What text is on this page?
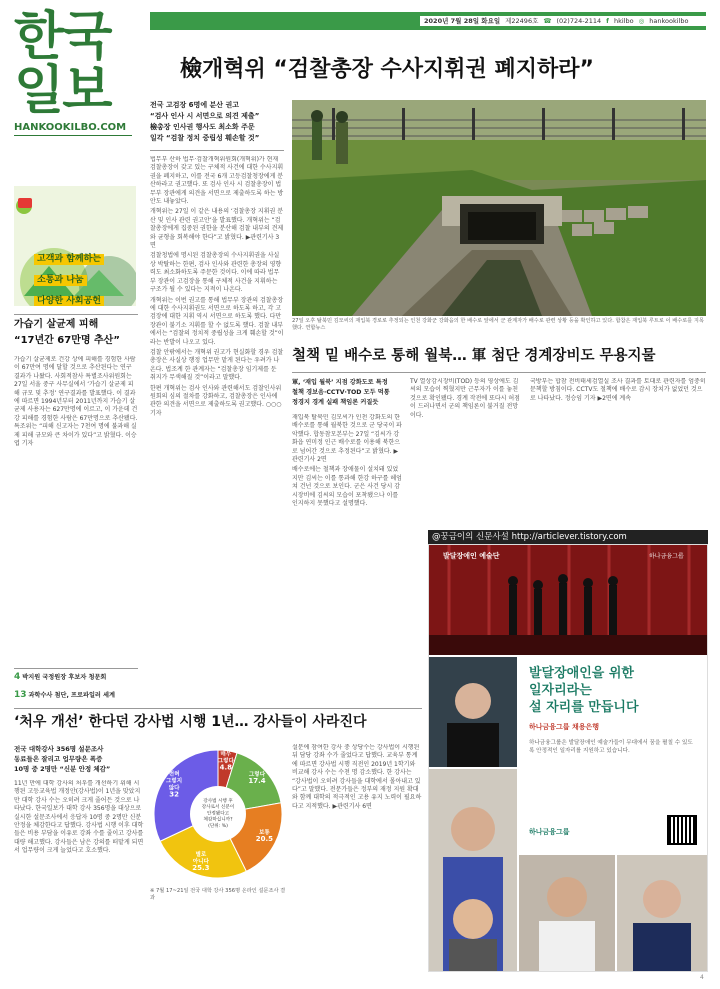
한국
일보
HANKOOKILBO.COM
고객과 함께하는
소통과 나눔
다양한 사회공헌
2020년 7월 28일 화요일 제22496호 ☎ (02)724-2114 f hkilbo ◎ hankookilbo
檢개혁위 “검찰총장 수사지휘권 폐지하라”
전국 고검장 6명에 분산 권고
“검사 인사 시 서면으로 의견 제출”
檢총장 인사권 행사도 최소화 주문
일각 “검찰 정치 중립성 훼손할 것”

법무부 산하 법무·검찰개혁위원회(개혁위)가 현재 검찰총장이 갖고 있는 구체적 사건에 대한 수사지휘권을 폐지하고, 이를 전국 6개 고등검찰청장에게 분산하라고 권고했다. 또 검사 인사 시 검찰총장이 법무부 장관에게 의견을 서면으로 제출하도록 하는 방안도 내놓았다.

개혁위는 27일 이 같은 내용의 ‘검찰총장 지휘권 분산 및 인사 관련 권고안’을 발표했다. 개혁위는 “검찰총장에게 집중된 권한을 분산해 검찰 내부의 견제와 균형을 회복해야 한다”고 밝혔다. ▶관련기사 3면

검찰청법에 명시된 검찰총장의 수사지휘권을 사실상 박탈하는 한편, 검사 인사와 관련한 총장의 영향력도 최소화하도록 주문한 것이다. 이에 따라 법무부 장관이 고검장을 통해 구체적 사건을 지휘하는 구조가 될 수 있다는 지적이 나온다.

개혁위는 이번 권고를 통해 법무부 장관의 검찰총장에 대한 수사지휘권도 서면으로 하도록 하고, 각 고검장에 대한 지휘 역시 서면으로 하도록 했다. 다만 장관이 불기소 지휘를 할 수 없도록 했다. 검찰 내부에서는 “검찰의 정치적 중립성을 크게 훼손할 것”이라는 반발이 나오고 있다.

검찰 안팎에서는 개혁위 권고가 현실화할 경우 검찰총장은 사실상 행정 업무만 맡게 된다는 우려가 나온다. 법조계 한 관계자는 “검찰총장 임기제를 둔 취지가 무색해질 것”이라고 말했다.

한편 개혁위는 검사 인사와 관련해서도 검찰인사위원회의 심의 절차를 강화하고, 검찰총장은 인사에 관한 의견을 서면으로 제출하도록 권고했다. ○○○ 기자

27일 오후 탈북민 김모씨의 재입북 경로로 추정되는 인천 강화군 강화읍의 한 배수로 앞에서 군 관계자가 배수로 관련 상황 등을 확인하고 있다. 합참은 재입북 루트로 이 배수로를 지목했다. 연합뉴스
철책 밑 배수로 통해 월북… 軍 첨단 경계장비도 무용지물
軍, ‘재입 월북’ 지점 강화도로 특정
철책 경보음·CCTV·TOD 모두 먹통
정경지 경계 실패 책임론 커질듯

재입북 탈북민 김모씨가 인천 강화도의 한 배수로를 통해 월북한 것으로 군 당국이 파악했다. 합동참모본부는 27일 “김씨가 강화읍 연미정 인근 배수로를 이용해 북한으로 넘어간 것으로 추정된다”고 밝혔다. ▶관련기사 2면

배수로에는 철책과 장애물이 설치돼 있었지만 김씨는 이를 통과해 한강 하구를 헤엄쳐 건넌 것으로 보인다. 군은 사건 당시 감시장비에 김씨의 모습이 포착됐으나 이를 인지하지 못했다고 설명했다.

TV 열상감시장비(TOD) 등의 영상에도 김씨의 모습이 찍혔지만 근무자가 이를 놓친 것으로 확인됐다. 경계 작전에 또다시 허점이 드러나면서 군의 책임론이 불거질 전망이다.

국방부는 합참 전비태세검열실 조사 결과를 토대로 관련자를 엄중히 문책할 방침이다. CCTV도 철책에 배수로 감시 장치가 없었던 것으로 나타났다. 정승임 기자 ▶2면에 계속

가습기 살균제 피해
“17년간 67만명 추산”
가습기 살균제로 건강 상에 피해를 경험한 사람이 67만여 명에 달할 것으로 추산된다는 연구 결과가 나왔다. 사회적참사 특별조사위원회는 27일 서울 중구 사무실에서 ‘가습기 살균제 피해 규모 및 추정’ 연구결과를 발표했다. 이 결과에 따르면 1994년부터 2011년까지 가습기 살균제 사용자는 627만명에 이르고, 이 가운데 건강 피해를 경험한 사람은 67만명으로 추산됐다. 특조위는 “피해 신고자는 7천여 명에 불과해 실제 피해 규모와 큰 차이가 있다”고 밝혔다. 이승엽 기자
4 박지원 국정원장 후보자 청문회
13 과학수사 첨단, 프로파일러 세계
‘처우 개선’ 한다던 강사법 시행 1년… 강사들이 사라진다
전국 대학강사 356명 설문조사
동료들은 잘리고 업무량은 폭증
10명 중 2명만 “신분 안정 체감”
11년 만에 대학 강사의 처우를 개선하기 위해 시행된 고등교육법 개정안(강사법)이 1년을 맞았지만 대학 강사 수는 오히려 크게 줄어든 것으로 나타났다. 한국일보가 대학 강사 356명을 대상으로 실시한 설문조사에서 응답자 10명 중 2명만 신분 안정을 체감한다고 답했다. 강사법 시행 이후 대학들은 비용 부담을 이유로 강좌 수를 줄이고 강사를 대량 해고했다. 강사들은 남은 강의를 떠맡게 되면서 업무량이 크게 늘었다고 호소했다.
매우 그렇다 4.8
그렇다 17.4
보통 20.5
별로 아니다 25.3
전혀 그렇지 않다 32
강사법 시행 후 강사로서 신분이 안정됐다고 체감하십니까? (단위: %)
※ 7월 17~21일 전국 대학 강사 356명 온라인 설문조사 결과
설문에 참여한 강사 중 상당수는 강사법이 시행된 뒤 담당 강좌 수가 줄었다고 답했다. 교육부 통계에 따르면 강사법 시행 직전인 2019년 1학기와 비교해 강사 수는 수천 명 감소했다. 한 강사는 “강사법이 오히려 강사들을 대학에서 몰아내고 있다”고 말했다. 전문가들은 정부의 재정 지원 확대와 함께 대학의 적극적인 고용 유지 노력이 필요하다고 지적했다. ▶관련기사 6면
@꿍금이의 신문사설 http://articlever.tistory.com
발달장애인 예술단	하나금융그룹
발달장애인을 위한
일자리라는
설 자리를 만듭니다
하나금융그룹 채용은행
하나금융그룹은 발달장애인 예술가들이 무대에서 꿈을 펼칠 수 있도록 안정적인 일자리를 지원하고 있습니다.
하나금융그룹
4
